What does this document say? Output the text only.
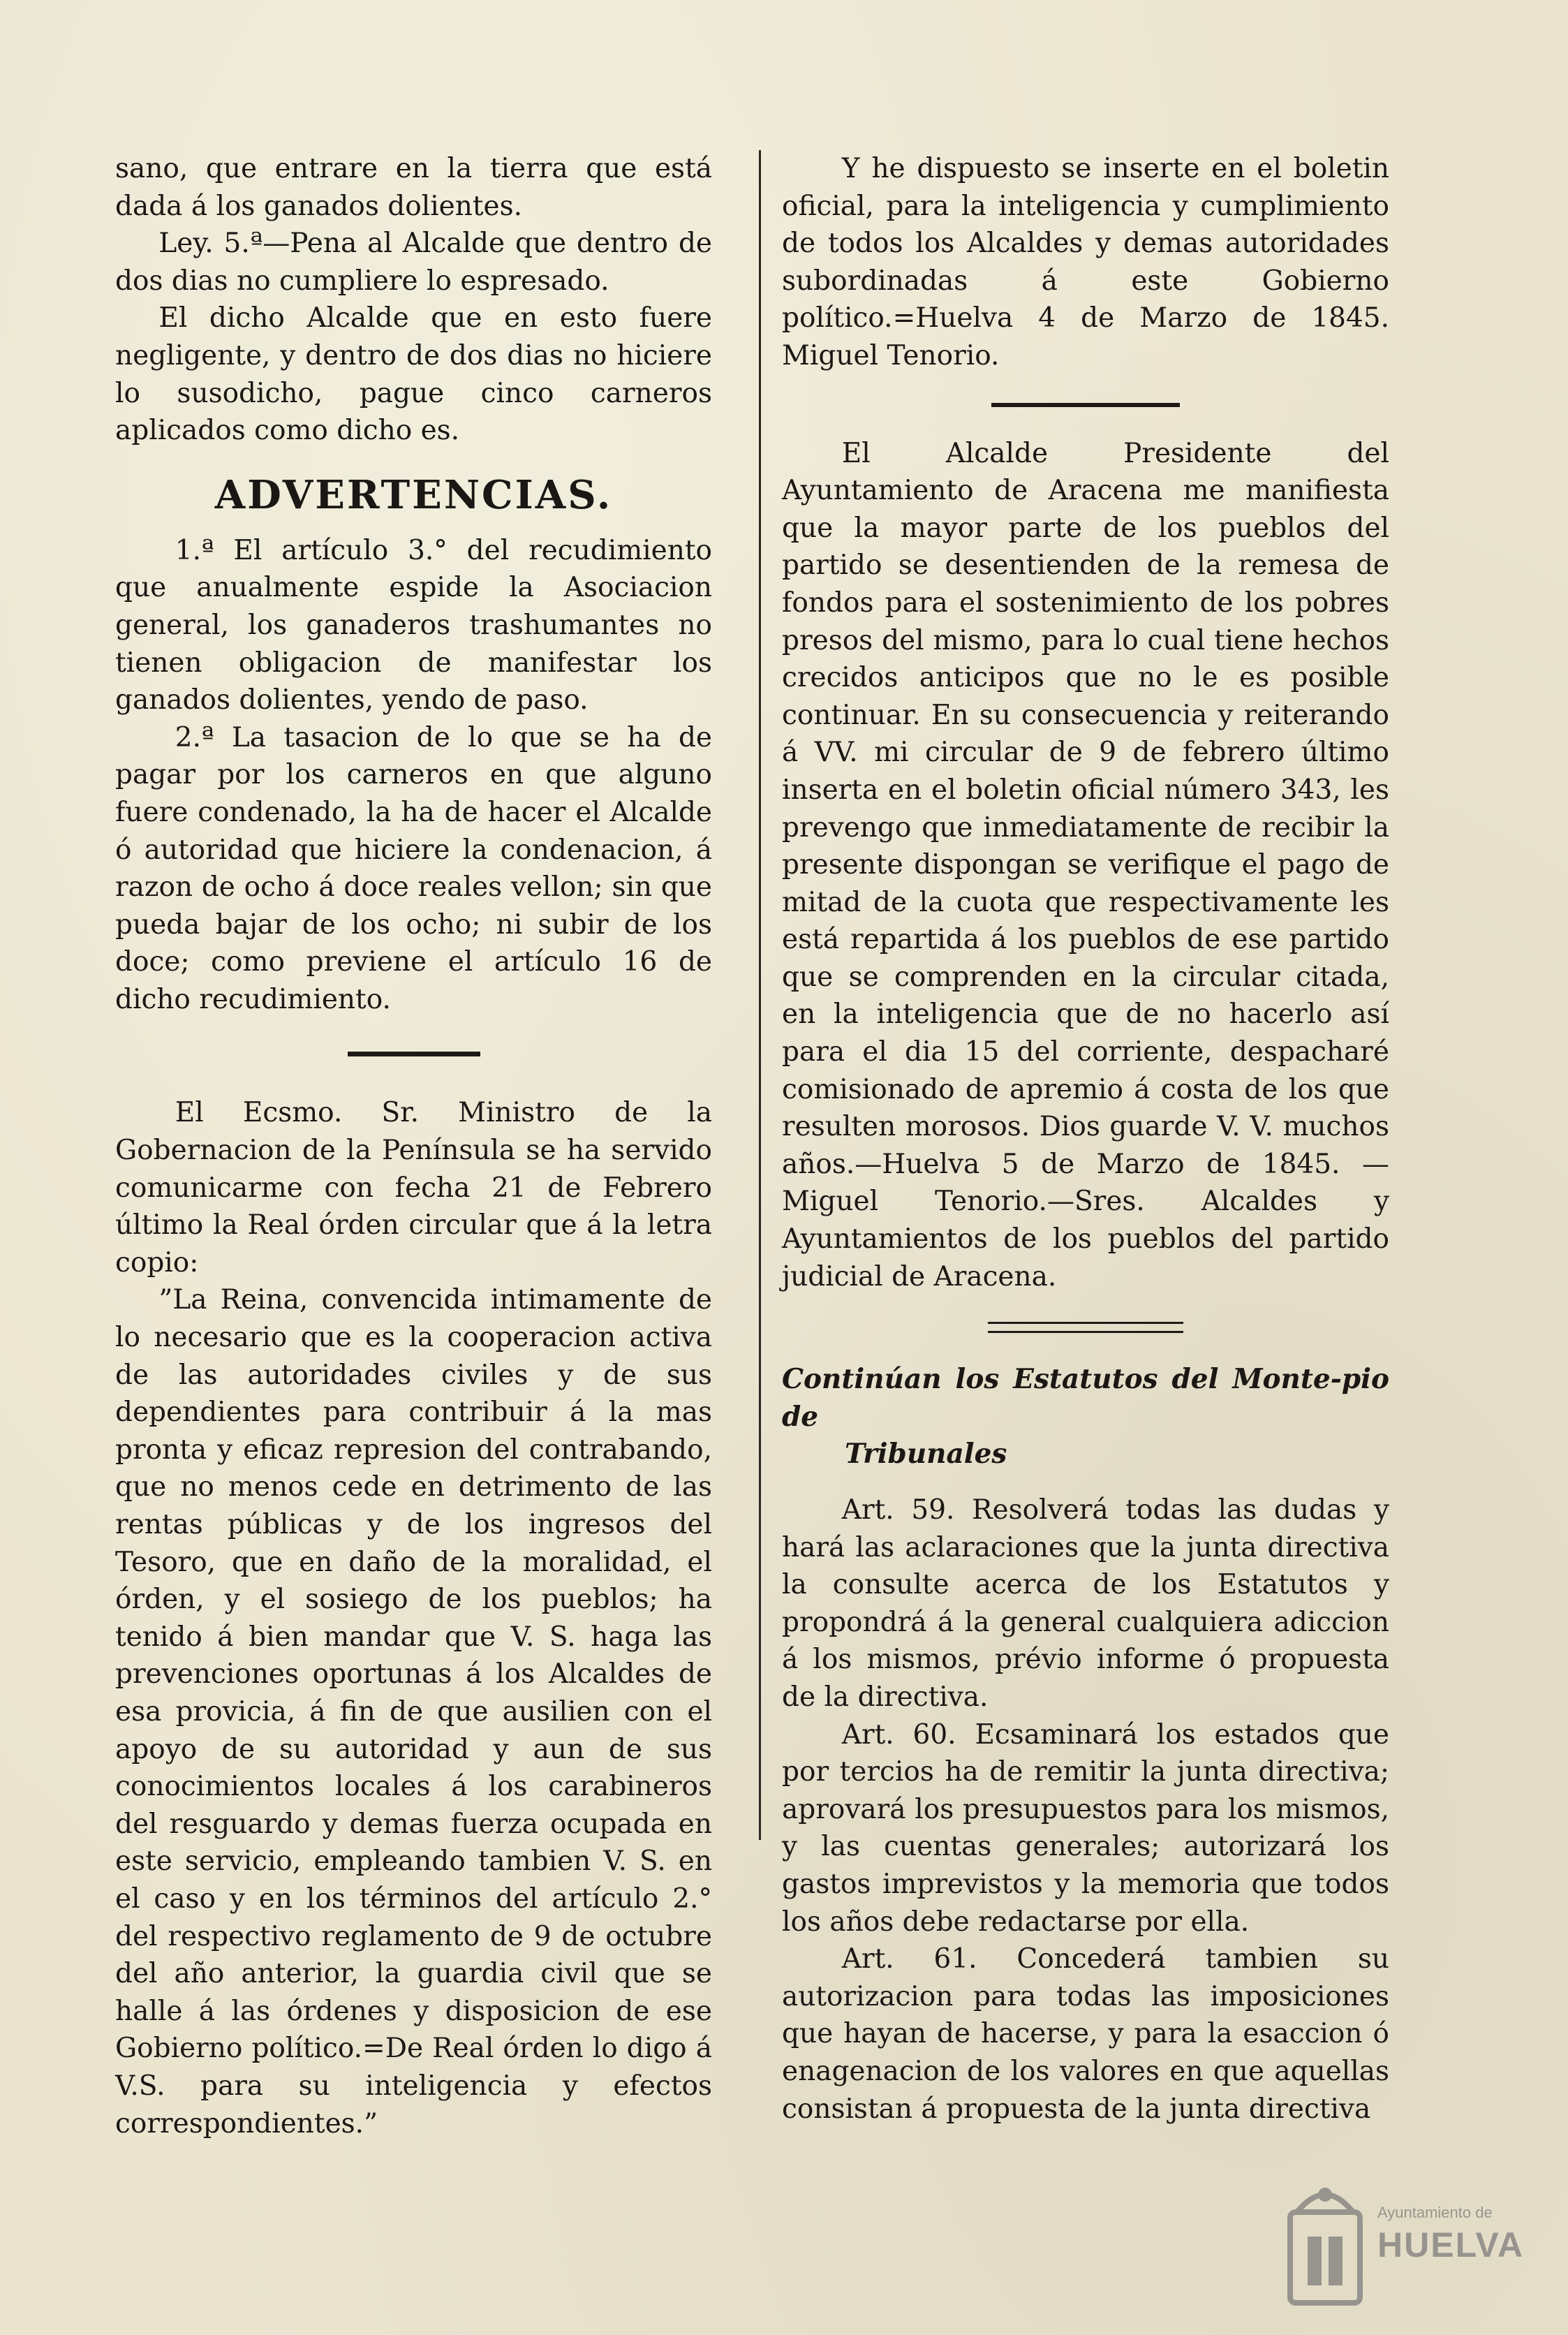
sano, que entrare en la tierra que está dada á los ganados dolientes.

Ley. 5.ª—Pena al Alcalde que dentro de dos dias no cumpliere lo espresado.

El dicho Alcalde que en esto fuere negligente, y dentro de dos dias no hiciere lo susodicho, pague cinco carneros aplicados como dicho es.

ADVERTENCIAS.

1.ª El artículo 3.° del recudimiento que anualmente espide la Asociacion general, los ganaderos trashumantes no tienen obligacion de manifestar los ganados dolientes, yendo de paso.

2.ª La tasacion de lo que se ha de pagar por los carneros en que alguno fuere condenado, la ha de hacer el Alcalde ó autoridad que hiciere la condenacion, á razon de ocho á doce reales vellon; sin que pueda bajar de los ocho; ni subir de los doce; como previene el artículo 16 de dicho recudimiento.

El Ecsmo. Sr. Ministro de la Gobernacion de la Península se ha servido comunicarme con fecha 21 de Febrero último la Real órden circular que á la letra copio:

”La Reina, convencida intimamente de lo necesario que es la cooperacion activa de las autoridades civiles y de sus dependientes para contribuir á la mas pronta y eficaz represion del contrabando, que no menos cede en detrimento de las rentas públicas y de los ingresos del Tesoro, que en daño de la moralidad, el órden, y el sosiego de los pueblos; ha tenido á bien mandar que V. S. haga las prevenciones oportunas á los Alcaldes de esa provicia, á fin de que ausilien con el apoyo de su autoridad y aun de sus conocimientos locales á los carabineros del resguardo y demas fuerza ocupada en este servicio, empleando tambien V. S. en el caso y en los términos del artículo 2.° del respectivo reglamento de 9 de octubre del año anterior, la guardia civil que se halle á las órdenes y disposicion de ese Gobierno político.=De Real órden lo digo á V.S. para su inteligencia y efectos correspondientes.”

Y he dispuesto se inserte en el boletin oficial, para la inteligencia y cumplimiento de todos los Alcaldes y demas autoridades subordinadas á este Gobierno político.=Huelva 4 de Marzo de 1845. Miguel Tenorio.

El Alcalde Presidente del Ayuntamiento de Aracena me manifiesta que la mayor parte de los pueblos del partido se desentienden de la remesa de fondos para el sostenimiento de los pobres presos del mismo, para lo cual tiene hechos crecidos anticipos que no le es posible continuar. En su consecuencia y reiterando á VV. mi circular de 9 de febrero último inserta en el boletin oficial número 343, les prevengo que inmediatamente de recibir la presente dispongan se verifique el pago de mitad de la cuota que respectivamente les está repartida á los pueblos de ese partido que se comprenden en la circular citada, en la inteligencia que de no hacerlo así para el dia 15 del corriente, despacharé comisionado de apremio á costa de los que resulten morosos. Dios guarde V. V. muchos años.—Huelva 5 de Marzo de 1845. —Miguel Tenorio.—Sres. Alcaldes y Ayuntamientos de los pueblos del partido judicial de Aracena.

Continúan los Estatutos del Monte-pio de
Tribunales

Art. 59. Resolverá todas las dudas y hará las aclaraciones que la junta directiva la consulte acerca de los Estatutos y propondrá á la general cualquiera adiccion á los mismos, prévio informe ó propuesta de la directiva.

Art. 60. Ecsaminará los estados que por tercios ha de remitir la junta directiva; aprovará los presupuestos para los mismos, y las cuentas generales; autorizará los gastos imprevistos y la memoria que todos los años debe redactarse por ella.

Art. 61. Concederá tambien su autorizacion para todas las imposiciones que hayan de hacerse, y para la esaccion ó enagenacion de los valores en que aquellas consistan á propuesta de la junta directiva

Ayuntamiento de
HUELVA
